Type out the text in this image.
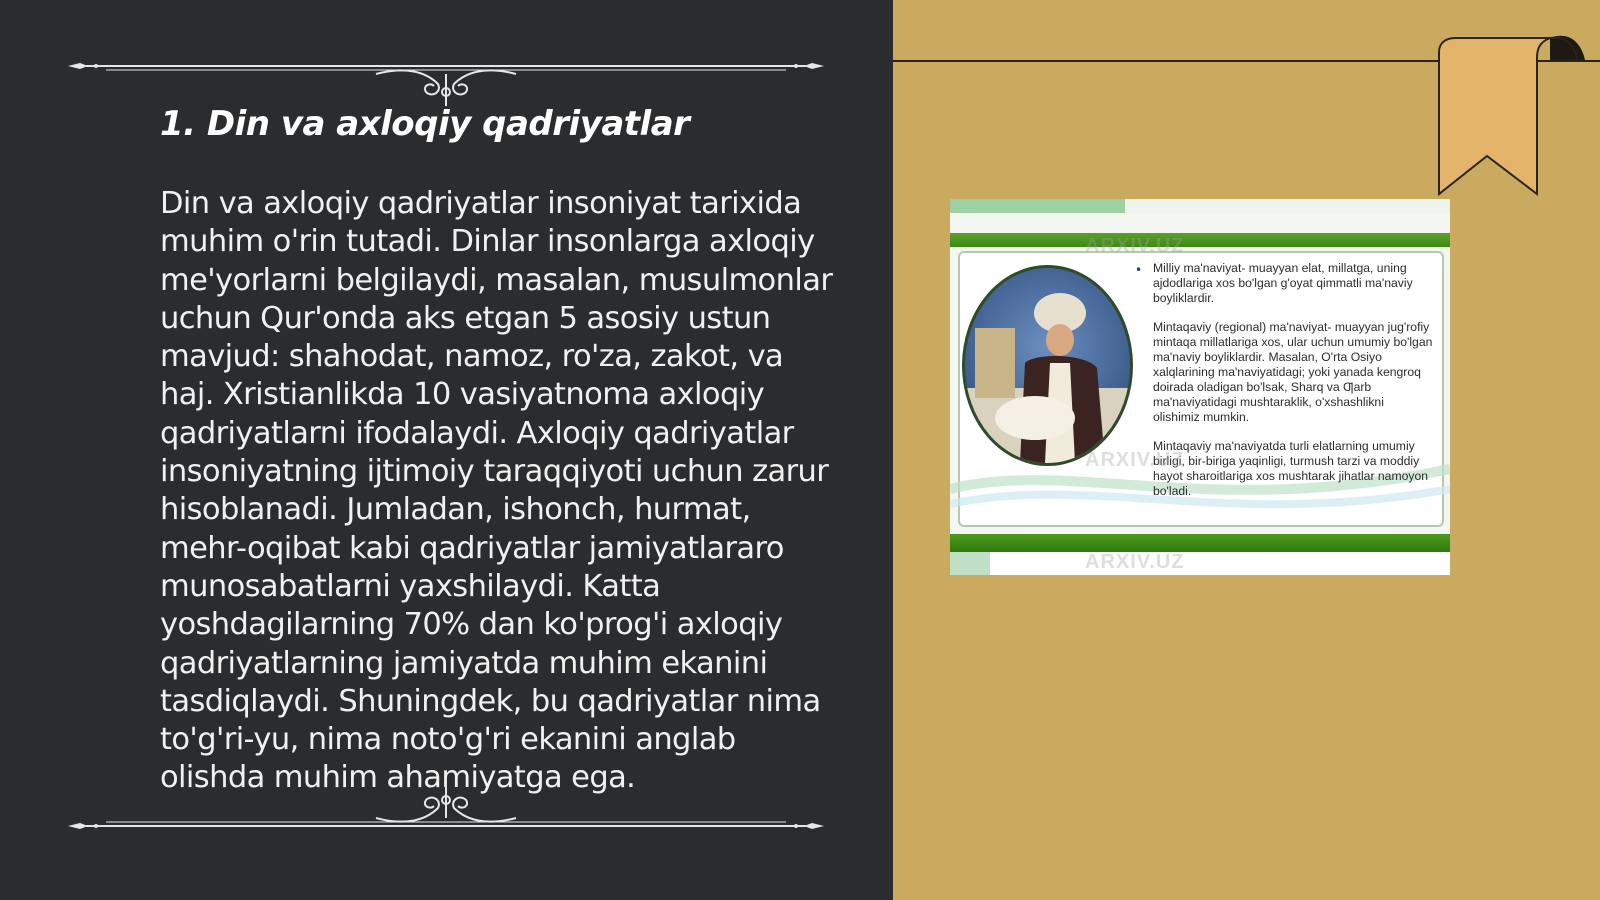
1. Din va axloqiy qadriyatlar

Din va axloqiy qadriyatlar insoniyat tarixida muhim o'rin tutadi. Dinlar insonlarga axloqiy me'yorlarni belgilaydi, masalan, musulmonlar uchun Qur'onda aks etgan 5 asosiy ustun mavjud: shahodat, namoz, ro'za, zakot, va haj. Xristianlikda 10 vasiyatnoma axloqiy qadriyatlarni ifodalaydi. Axloqiy qadriyatlar insoniyatning ijtimoiy taraqqiyoti uchun zarur hisoblanadi. Jumladan, ishonch, hurmat, mehr-oqibat kabi qadriyatlar jamiyatlararo munosabatlarni yaxshilaydi. Katta yoshdagilarning 70% dan ko'prog'i axloqiy qadriyatlarning jamiyatda muhim ekanini tasdiqlaydi. Shuningdek, bu qadriyatlar nima to'g'ri-yu, nima noto'g'ri ekanini anglab olishda muhim ahamiyatga ega.

• Milliy ma'naviyat- muayyan elat, millatga, uning ajdodlariga xos bo'lgan g'oyat qimmatli ma'naviy boyliklardir.

Mintaqaviy (regional) ma'naviyat- muayyan jug'rofiy mintaqa millatlariga xos, ular uchun umumiy bo'lgan ma'naviy boyliklardir. Masalan, O'rta Osiyo xalqlarining ma'naviyatidagi; yoki yanada kengroq doirada oladigan bo'lsak, Sharq va Ƣarb ma'naviyatidagi mushtaraklik, o'xshashlikni olishimiz mumkin.

Mintaqaviy ma'naviyatda turli elatlarning umumiy birligi, bir-biriga yaqinligi, turmush tarzi va moddiy hayot sharoitlariga xos mushtarak jihatlar namoyon bo'ladi.

ARXIV.UZ
ARXIV.UZ
ARXIV.UZ
